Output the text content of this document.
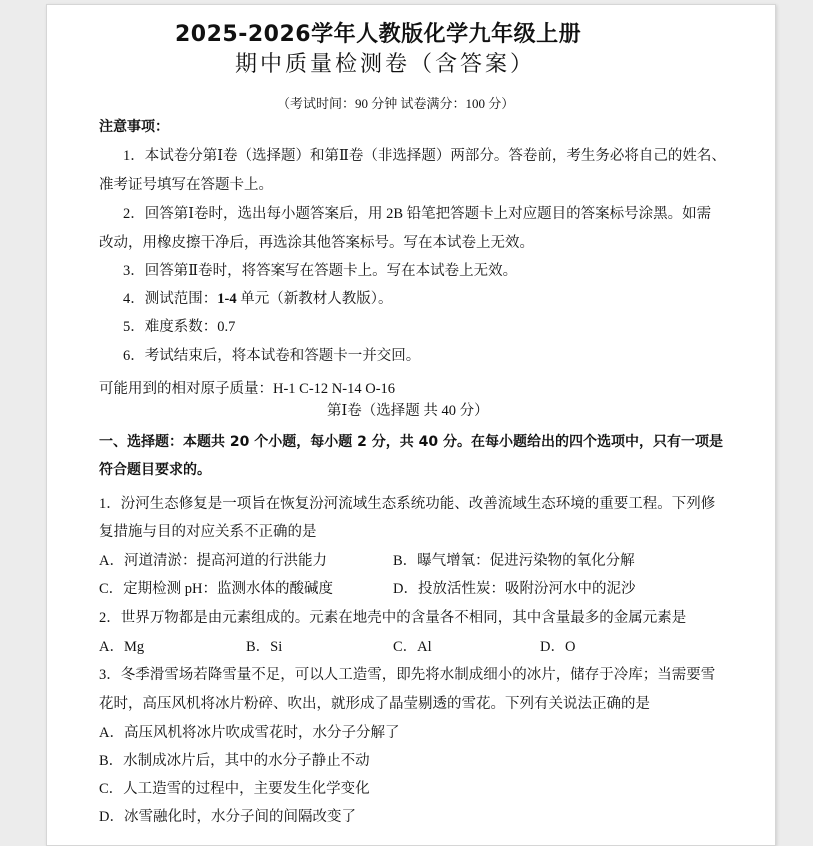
2025-2026学年人教版化学九年级上册
期中质量检测卷（含答案）
（考试时间：90 分钟 试卷满分：100 分）
注意事项：
1．本试卷分第Ⅰ卷（选择题）和第Ⅱ卷（非选择题）两部分。答卷前，考生务必将自己的姓名、
准考证号填写在答题卡上。
2．回答第Ⅰ卷时，选出每小题答案后，用 2B 铅笔把答题卡上对应题目的答案标号涂黑。如需
改动，用橡皮擦干净后，再选涂其他答案标号。写在本试卷上无效。
3．回答第Ⅱ卷时，将答案写在答题卡上。写在本试卷上无效。
4．测试范围：1-4 单元（新教材人教版）。
5．难度系数：0.7
6．考试结束后，将本试卷和答题卡一并交回。
可能用到的相对原子质量：H-1 C-12 N-14 O-16
第Ⅰ卷（选择题 共 40 分）
一、选择题：本题共 20 个小题，每小题 2 分，共 40 分。在每小题给出的四个选项中，只有一项是
符合题目要求的。
1．汾河生态修复是一项旨在恢复汾河流域生态系统功能、改善流域生态环境的重要工程。下列修
复措施与目的对应关系不正确的是
A．河道清淤：提高河道的行洪能力	B．曝气增氧：促进污染物的氧化分解
C．定期检测 pH：监测水体的酸碱度	D．投放活性炭：吸附汾河水中的泥沙
2．世界万物都是由元素组成的。元素在地壳中的含量各不相同，其中含量最多的金属元素是
A．Mg	B．Si	C．Al	D．O
3．冬季滑雪场若降雪量不足，可以人工造雪，即先将水制成细小的冰片，储存于冷库；当需要雪
花时，高压风机将冰片粉碎、吹出，就形成了晶莹剔透的雪花。下列有关说法正确的是
A．高压风机将冰片吹成雪花时，水分子分解了
B．水制成冰片后，其中的水分子静止不动
C．人工造雪的过程中，主要发生化学变化
D．冰雪融化时，水分子间的间隔改变了
